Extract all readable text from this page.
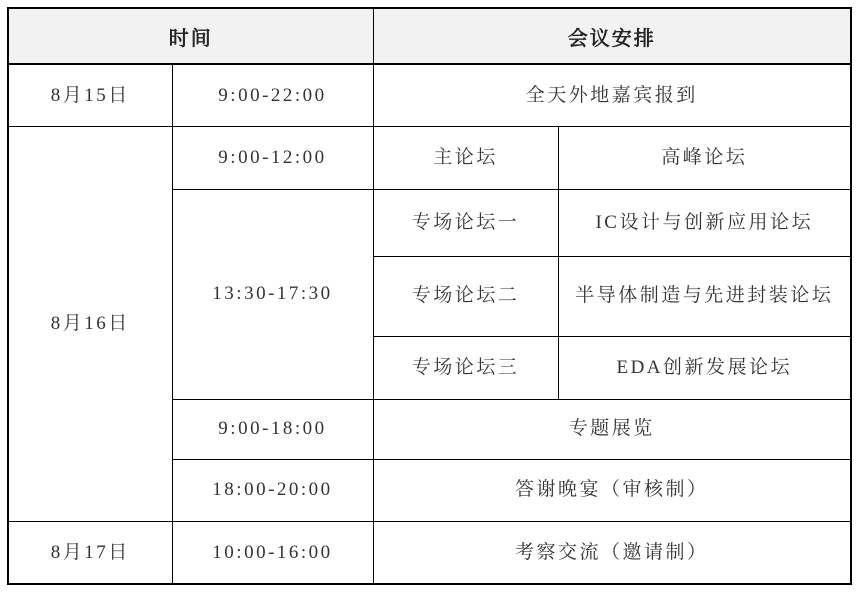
时间		会议安排	
8月15日	9:00-22:00	全天外地嘉宾报到	
8月16日	9:00-12:00	主论坛	高峰论坛
	13:30-17:30	专场论坛一	IC设计与创新应用论坛
		专场论坛二	半导体制造与先进封装论坛
		专场论坛三	EDA创新发展论坛
	9:00-18:00	专题展览	
	18:00-20:00	答谢晚宴（审核制）	
8月17日	10:00-16:00	考察交流（邀请制）	
